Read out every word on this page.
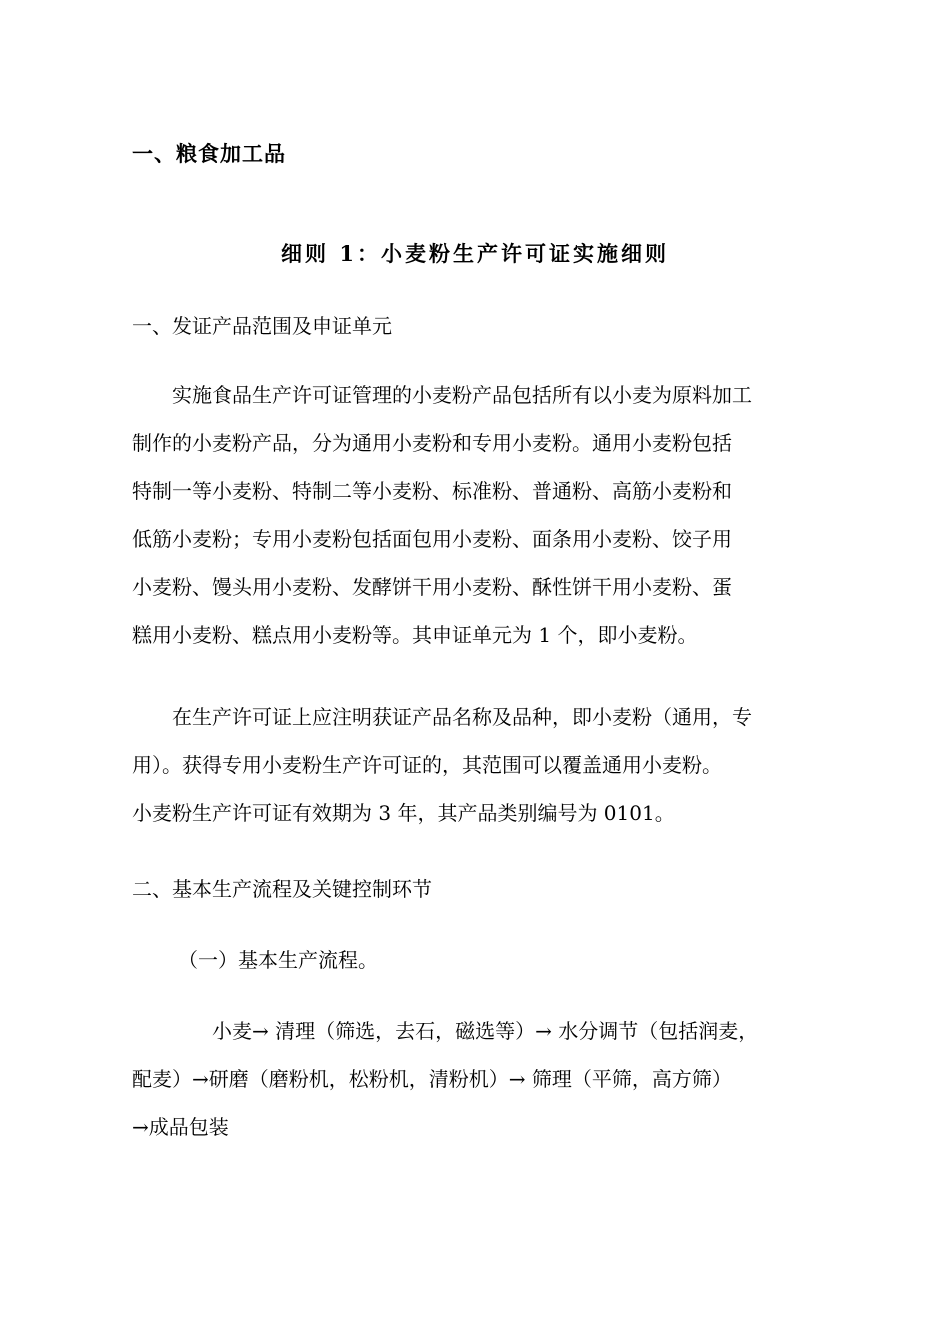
一、粮食加工品
细则 1：小麦粉生产许可证实施细则
一、发证产品范围及申证单元
　　实施食品生产许可证管理的小麦粉产品包括所有以小麦为原料加工
制作的小麦粉产品，分为通用小麦粉和专用小麦粉。通用小麦粉包括
特制一等小麦粉、特制二等小麦粉、标准粉、普通粉、高筋小麦粉和
低筋小麦粉；专用小麦粉包括面包用小麦粉、面条用小麦粉、饺子用
小麦粉、馒头用小麦粉、发酵饼干用小麦粉、酥性饼干用小麦粉、蛋
糕用小麦粉、糕点用小麦粉等。其申证单元为 1 个，即小麦粉。
　　在生产许可证上应注明获证产品名称及品种，即小麦粉（通用，专
用）。获得专用小麦粉生产许可证的，其范围可以覆盖通用小麦粉。
小麦粉生产许可证有效期为 3 年，其产品类别编号为 0101。
二、基本生产流程及关键控制环节
（一）基本生产流程。
　　　　小麦→ 清理（筛选，去石，磁选等）→ 水分调节（包括润麦，
配麦）→研磨（磨粉机，松粉机，清粉机）→ 筛理（平筛，高方筛）
→成品包装
